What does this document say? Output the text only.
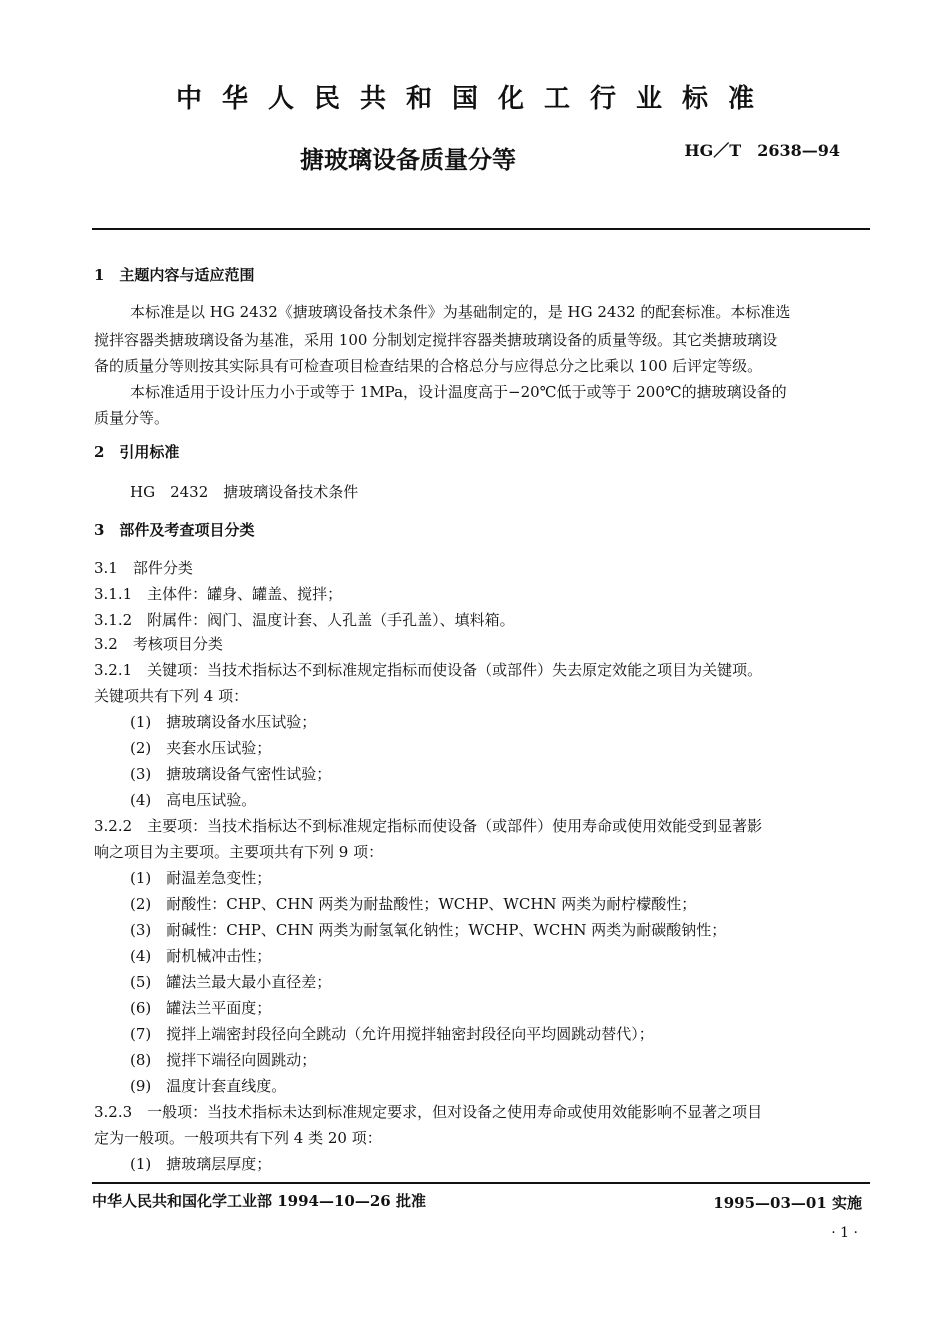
中华人民共和国化工行业标准
搪玻璃设备质量分等	HG／T　2638—94
1　主题内容与适应范围
本标准是以 HG 2432《搪玻璃设备技术条件》为基础制定的，是 HG 2432 的配套标准。本标准选
搅拌容器类搪玻璃设备为基准，采用 100 分制划定搅拌容器类搪玻璃设备的质量等级。其它类搪玻璃设
备的质量分等则按其实际具有可检查项目检查结果的合格总分与应得总分之比乘以 100 后评定等级。
本标准适用于设计压力小于或等于 1MPa，设计温度高于−20℃低于或等于 200℃的搪玻璃设备的
质量分等。
2　引用标准
HG　2432　搪玻璃设备技术条件
3　部件及考查项目分类
3.1　部件分类
3.1.1　主体件：罐身、罐盖、搅拌；
3.1.2　附属件：阀门、温度计套、人孔盖（手孔盖）、填料箱。
3.2　考核项目分类
3.2.1　关键项：当技术指标达不到标准规定指标而使设备（或部件）失去原定效能之项目为关键项。
关键项共有下列 4 项：
(1)　搪玻璃设备水压试验；
(2)　夹套水压试验；
(3)　搪玻璃设备气密性试验；
(4)　高电压试验。
3.2.2　主要项：当技术指标达不到标准规定指标而使设备（或部件）使用寿命或使用效能受到显著影
响之项目为主要项。主要项共有下列 9 项：
(1)　耐温差急变性；
(2)　耐酸性：CHP、CHN 两类为耐盐酸性；WCHP、WCHN 两类为耐柠檬酸性；
(3)　耐碱性：CHP、CHN 两类为耐氢氧化钠性；WCHP、WCHN 两类为耐碳酸钠性；
(4)　耐机械冲击性；
(5)　罐法兰最大最小直径差；
(6)　罐法兰平面度；
(7)　搅拌上端密封段径向全跳动（允许用搅拌轴密封段径向平均圆跳动替代）；
(8)　搅拌下端径向圆跳动；
(9)　温度计套直线度。
3.2.3　一般项：当技术指标未达到标准规定要求，但对设备之使用寿命或使用效能影响不显著之项目
定为一般项。一般项共有下列 4 类 20 项：
(1)　搪玻璃层厚度；
中华人民共和国化学工业部 1994—10—26 批准	1995—03—01 实施
· 1 ·
